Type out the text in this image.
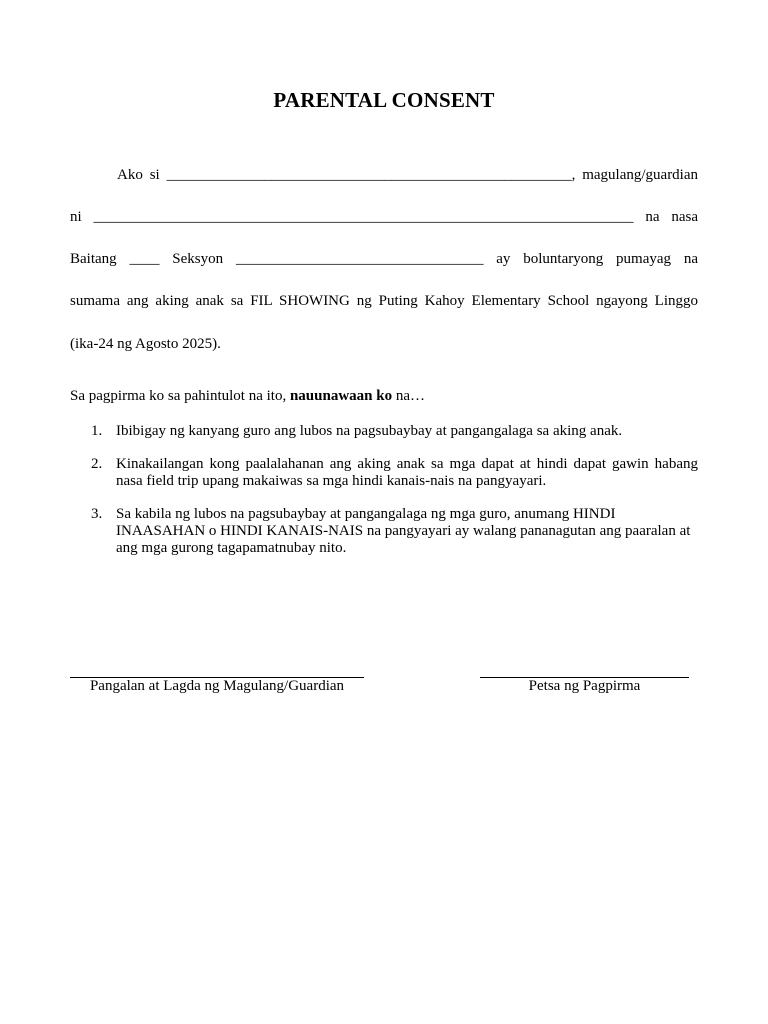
PARENTAL CONSENT
Ako si ______________________________________________________, magulang/guardian
ni ________________________________________________________________________ na nasa
Baitang ____ Seksyon _________________________________ ay boluntaryong pumayag na
sumama ang aking anak sa FIL SHOWING ng Puting Kahoy Elementary School ngayong Linggo
(ika-24 ng Agosto 2025).
Sa pagpirma ko sa pahintulot na ito, nauunawaan ko na…
1. Ibibigay ng kanyang guro ang lubos na pagsubaybay at pangangalaga sa aking anak.
2. Kinakailangan kong paalalahanan ang aking anak sa mga dapat at hindi dapat gawin habang nasa field trip upang makaiwas sa mga hindi kanais-nais na pangyayari.
3. Sa kabila ng lubos na pagsubaybay at pangangalaga ng mga guro, anumang HINDI INAASAHAN o HINDI KANAIS-NAIS na pangyayari ay walang pananagutan ang paaralan at ang mga gurong tagapamatnubay nito.
Pangalan at Lagda ng Magulang/Guardian	Petsa ng Pagpirma
